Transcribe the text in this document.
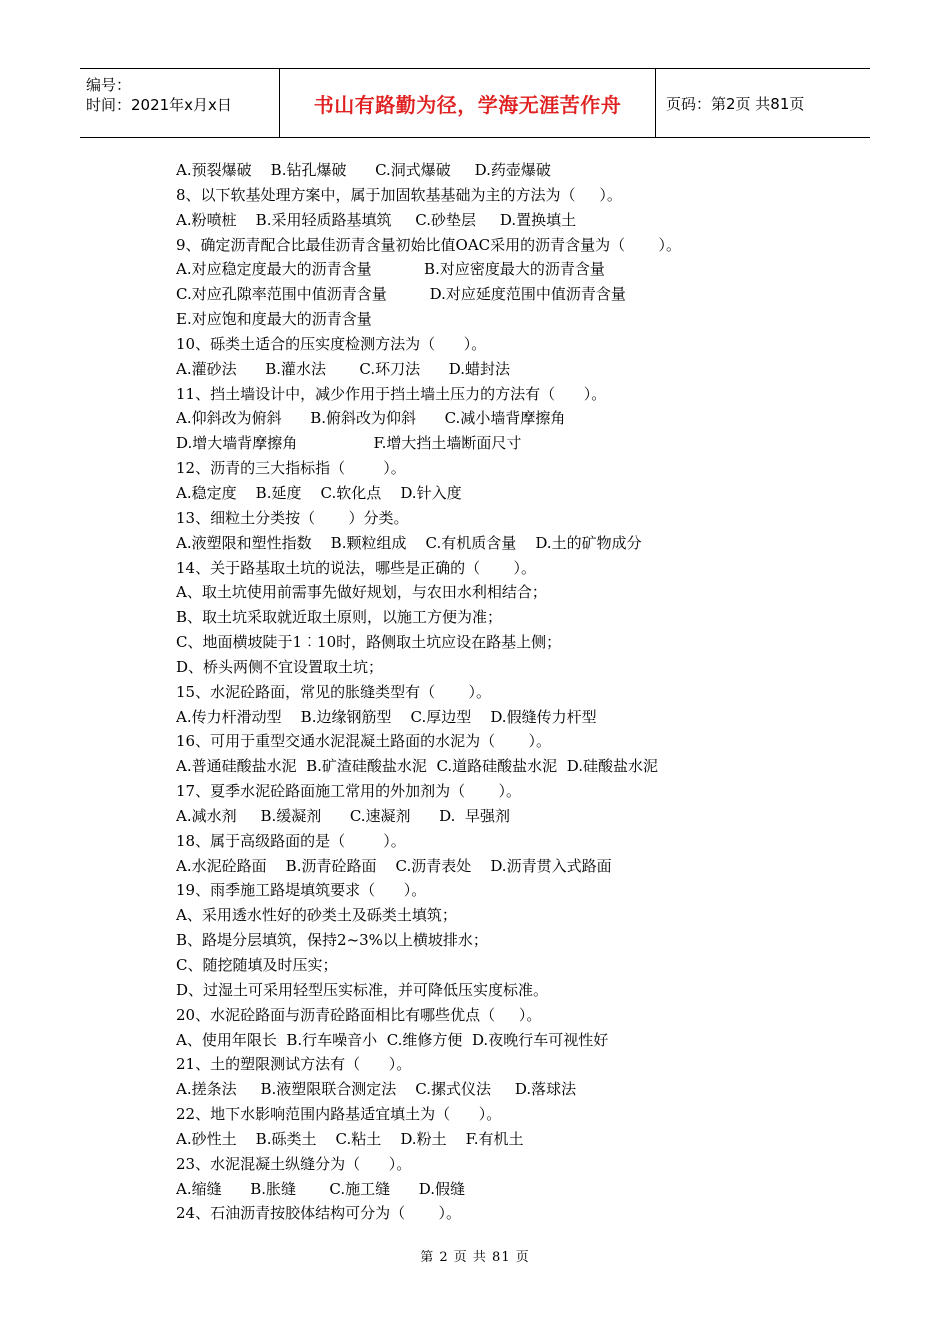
编号：
时间：2021年x月x日	书山有路勤为径，学海无涯苦作舟	页码：第2页 共81页
A.预裂爆破    B.钻孔爆破      C.洞式爆破     D.药壶爆破
8、以下软基处理方案中，属于加固软基基础为主的方法为（     ）。
A.粉喷桩    B.采用轻质路基填筑     C.砂垫层     D.置换填土
9、确定沥青配合比最佳沥青含量初始比值OAC采用的沥青含量为（       ）。
A.对应稳定度最大的沥青含量           B.对应密度最大的沥青含量
C.对应孔隙率范围中值沥青含量         D.对应延度范围中值沥青含量
E.对应饱和度最大的沥青含量
10、砾类土适合的压实度检测方法为（      ）。
A.灌砂法      B.灌水法       C.环刀法      D.蜡封法
11、挡土墙设计中，减少作用于挡土墙土压力的方法有（      ）。
A.仰斜改为俯斜      B.俯斜改为仰斜      C.减小墙背摩擦角
D.增大墙背摩擦角                F.增大挡土墙断面尺寸
12、沥青的三大指标指（        ）。
A.稳定度    B.延度    C.软化点    D.针入度
13、细粒土分类按（       ）分类。
A.液塑限和塑性指数    B.颗粒组成    C.有机质含量    D.土的矿物成分
14、关于路基取土坑的说法，哪些是正确的（       ）。
A、取土坑使用前需事先做好规划，与农田水利相结合；
B、取土坑采取就近取土原则，以施工方便为准；
C、地面横坡陡于1︰10时，路侧取土坑应设在路基上侧；
D、桥头两侧不宜设置取土坑；
15、水泥砼路面，常见的胀缝类型有（       ）。
A.传力杆滑动型    B.边缘钢筋型    C.厚边型    D.假缝传力杆型
16、可用于重型交通水泥混凝土路面的水泥为（       ）。
A.普通硅酸盐水泥  B.矿渣硅酸盐水泥  C.道路硅酸盐水泥  D.硅酸盐水泥
17、夏季水泥砼路面施工常用的外加剂为（       ）。
A.减水剂     B.缓凝剂      C.速凝剂      D.  早强剂
18、属于高级路面的是（        ）。
A.水泥砼路面    B.沥青砼路面    C.沥青表处    D.沥青贯入式路面
19、雨季施工路堤填筑要求（      ）。
A、采用透水性好的砂类土及砾类土填筑；
B、路堤分层填筑，保持2~3%以上横坡排水；
C、随挖随填及时压实；
D、过湿土可采用轻型压实标准，并可降低压实度标准。
20、水泥砼路面与沥青砼路面相比有哪些优点（     ）。
A、使用年限长  B.行车噪音小  C.维修方便  D.夜晚行车可视性好
21、土的塑限测试方法有（      ）。
A.搓条法     B.液塑限联合测定法    C.摞式仪法     D.落球法
22、地下水影响范围内路基适宜填土为（      ）。
A.砂性土    B.砾类土    C.粘土    D.粉土    F.有机土
23、水泥混凝土纵缝分为（      ）。
A.缩缝      B.胀缝       C.施工缝      D.假缝
24、石油沥青按胶体结构可分为（       ）。
第 2 页 共 81 页
